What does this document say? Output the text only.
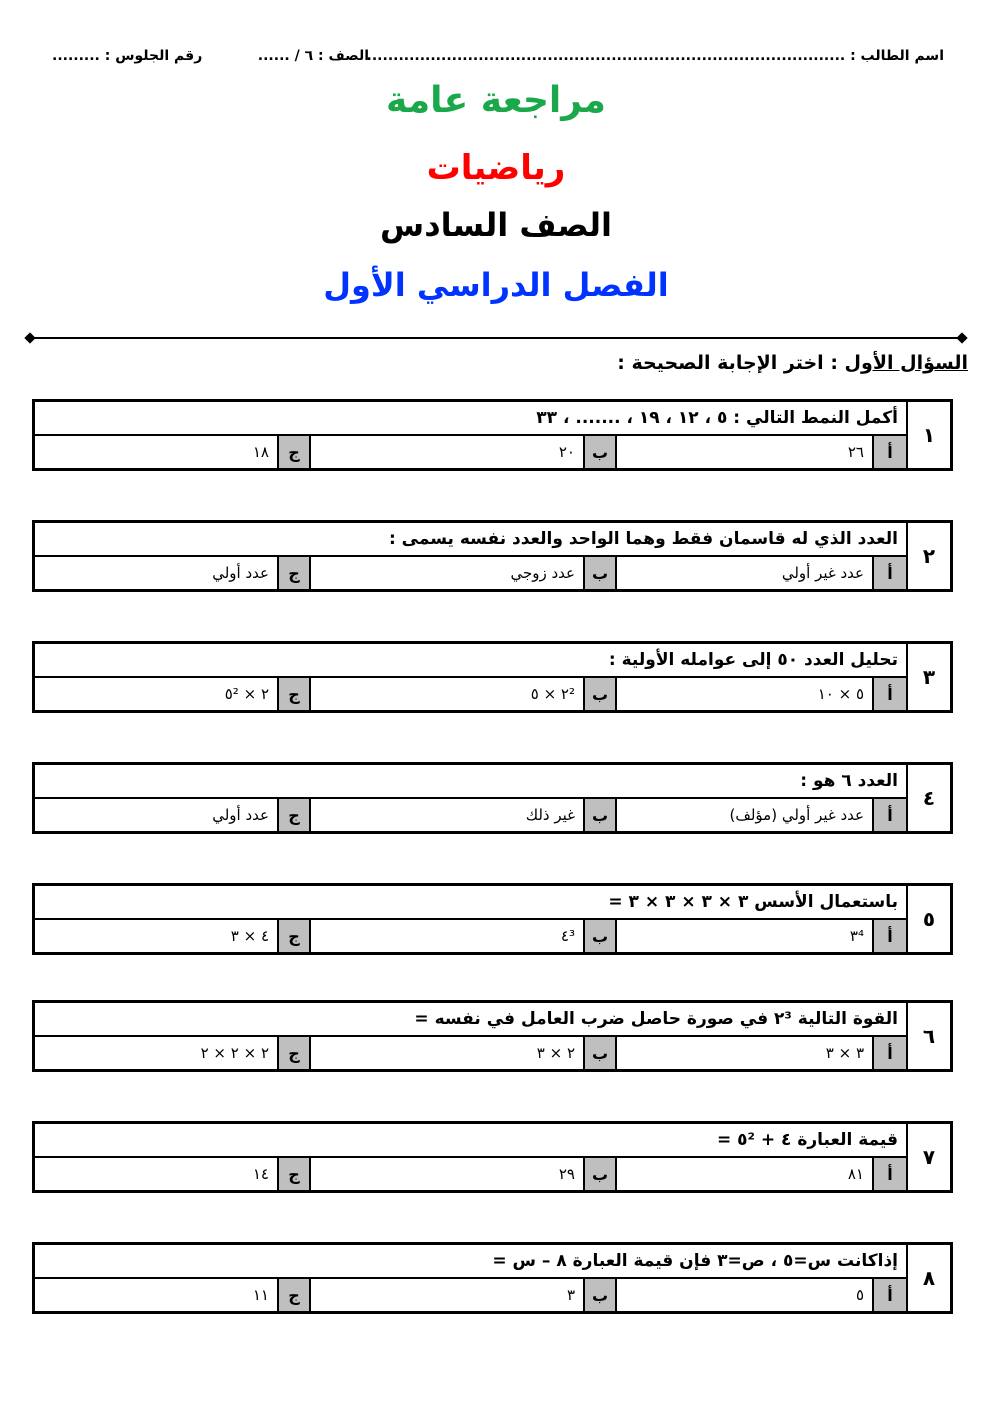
اسم الطالب : ..........................................................................................
الصف : ٦ / ......
رقم الجلوس : .........
مراجعة عامة
رياضيات
الصف السادس
الفصل الدراسي الأول
السؤال الأول : اختر الإجابة الصحيحة :
١
أكمل النمط التالي : ٥ ، ١٢ ، ١٩ ، ....... ، ٣٣
أ
٢٦
ب
٢٠
ج
١٨
٢
العدد الذي له قاسمان فقط وهما الواحد والعدد نفسه يسمى :
أ
عدد غير أولي
ب
عدد زوجي
ج
عدد أولي
٣
تحليل العدد ٥٠ إلى عوامله الأولية :
أ
٥ × ١٠
ب
٢² × ٥
ج
٢ × ٥²
٤
العدد ٦ هو :
أ
عدد غير أولي (مؤلف)
ب
غير ذلك
ج
عدد أولي
٥
باستعمال الأسس ٣ × ٣ × ٣ × ٣ =
أ
٣⁴
ب
٤³
ج
٤ × ٣
٦
القوة التالية ٢³ في صورة حاصل ضرب العامل في نفسه =
أ
٣ × ٣
ب
٢ × ٣
ج
٢ × ٢ × ٢
٧
قيمة العبارة ٤ + ٥² =
أ
٨١
ب
٢٩
ج
١٤
٨
إذاكانت س=٥ ، ص=٣ فإن قيمة العبارة ٨ – س =
أ
٥
ب
٣
ج
١١
